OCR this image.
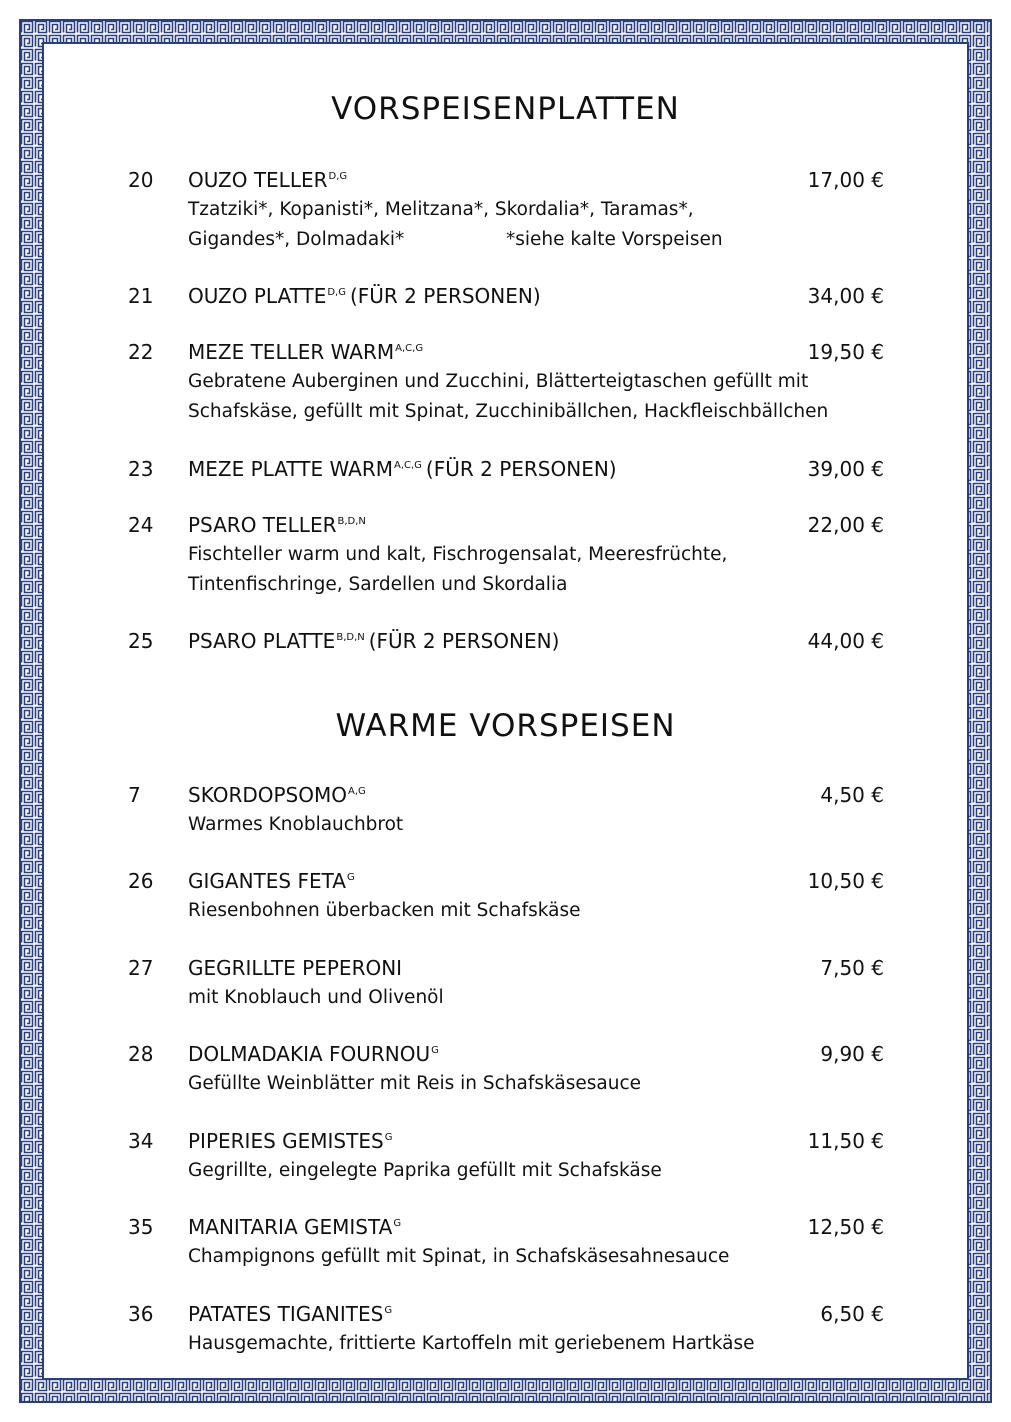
VORSPEISENPLATTEN
20 OUZO $TELLER^{D,G}$	17,00 €
Tzatziki*, Kopanisti*, Melitzana*, Skordalia*, Taramas*,
Gigandes*, Dolmadaki*	*siehe kalte Vorspeisen
21 OUZO $PLATTE^{D,G}$ (FÜR 2 PERSONEN)	34,00 €
22 MEZE TELLER $WARM^{A,C,G}$	19,50 €
Gebratene Auberginen und Zucchini, Blätterteigtaschen gefüllt mit
Schafskäse, gefüllt mit Spinat, Zucchinibällchen, Hackfleischbällchen
23 MEZE PLATTE $WARM^{A,C,G}$ (FÜR 2 PERSONEN)	39,00 €
24 PSARO $TELLER^{B,D,N}$	22,00 €
Fischteller warm und kalt, Fischrogensalat, Meeresfrüchte,
Tintenfischringe, Sardellen und Skordalia
25 PSARO $PLATTE^{B,D,N}$ (FÜR 2 PERSONEN)	44,00 €
WARME VORSPEISEN
7 $SKORDOPSOMO^{A,G}$	4,50 €
Warmes Knoblauchbrot
26 GIGANTES $FETA^G$	10,50 €
Riesenbohnen überbacken mit Schafskäse
27 GEGRILLTE PEPERONI	7,50 €
mit Knoblauch und Olivenöl
28 DOLMADAKIA $FOURNOU^G$	9,90 €
Gefüllte Weinblätter mit Reis in Schafskäsesauce
34 PIPERIES $GEMISTES^G$	11,50 €
Gegrillte, eingelegte Paprika gefüllt mit Schafskäse
35 MANITARIA $GEMISTA^G$	12,50 €
Champignons gefüllt mit Spinat, in Schafskäsesahnesauce
36 PATATES $TIGANITES^G$	6,50 €
Hausgemachte, frittierte Kartoffeln mit geriebenem Hartkäse
